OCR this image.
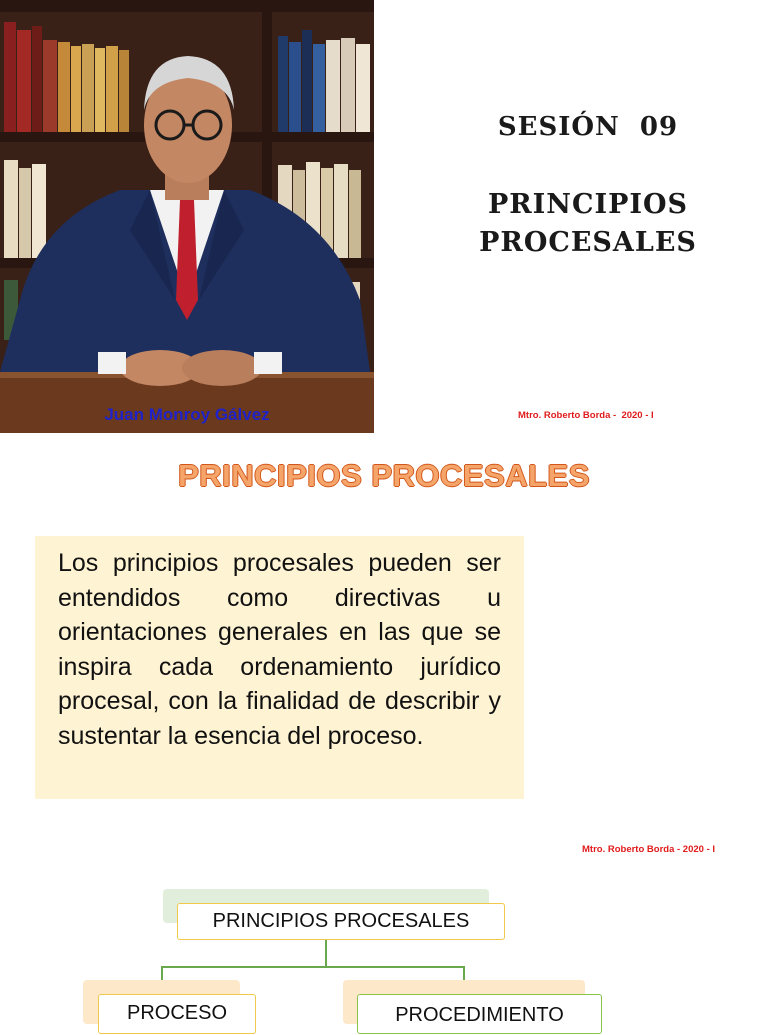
Juan Monroy Gálvez
SESIÓN  09
PRINCIPIOS
PROCESALES
Mtro. Roberto Borda -  2020 - I
PRINCIPIOS PROCESALES

Los principios procesales pueden ser entendidos como directivas u orientaciones generales en las que se inspira cada ordenamiento jurídico procesal, con la finalidad de describir y sustentar la esencia del proceso.

Mtro. Roberto Borda - 2020 - I
PRINCIPIOS PROCESALES
PROCESO	PROCEDIMIENTO
